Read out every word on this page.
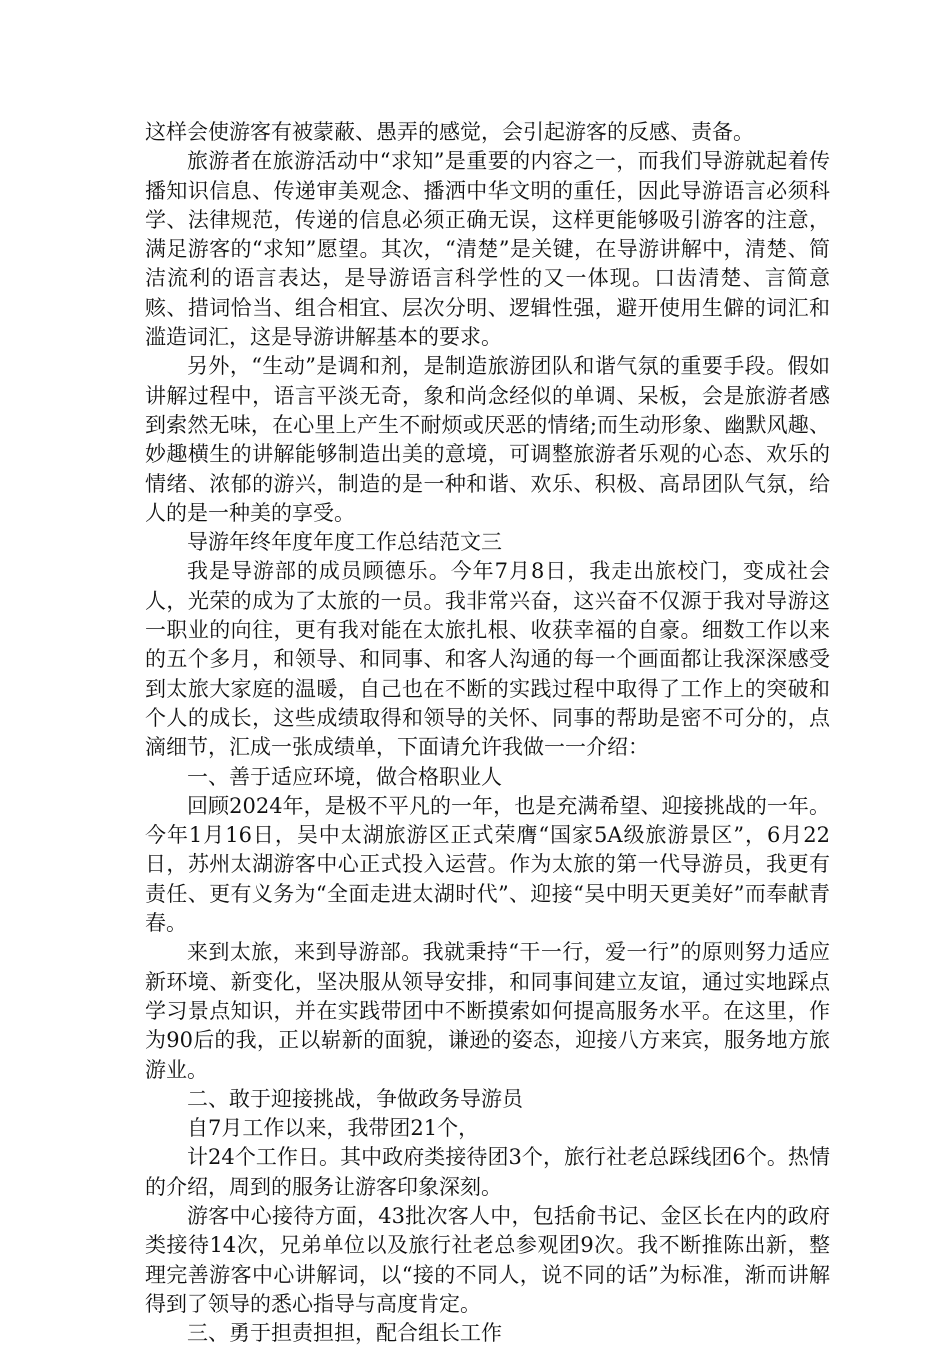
这样会使游客有被蒙蔽、愚弄的感觉，会引起游客的反感、责备。

旅游者在旅游活动中“求知”是重要的内容之一，而我们导游就起着传播知识信息、传递审美观念、播洒中华文明的重任，因此导游语言必须科学、法律规范，传递的信息必须正确无误，这样更能够吸引游客的注意，满足游客的“求知”愿望。其次，“清楚”是关键，在导游讲解中，清楚、简洁流利的语言表达，是导游语言科学性的又一体现。口齿清楚、言简意赅、措词恰当、组合相宜、层次分明、逻辑性强，避开使用生僻的词汇和滥造词汇，这是导游讲解基本的要求。

另外，“生动”是调和剂，是制造旅游团队和谐气氛的重要手段。假如讲解过程中，语言平淡无奇，象和尚念经似的单调、呆板，会是旅游者感到索然无味，在心里上产生不耐烦或厌恶的情绪;而生动形象、幽默风趣、妙趣横生的讲解能够制造出美的意境，可调整旅游者乐观的心态、欢乐的情绪、浓郁的游兴，制造的是一种和谐、欢乐、积极、高昂团队气氛，给人的是一种美的享受。

导游年终年度年度工作总结范文三

我是导游部的成员顾德乐。今年7月8日，我走出旅校门，变成社会人，光荣的成为了太旅的一员。我非常兴奋，这兴奋不仅源于我对导游这一职业的向往，更有我对能在太旅扎根、收获幸福的自豪。细数工作以来的五个多月，和领导、和同事、和客人沟通的每一个画面都让我深深感受到太旅大家庭的温暖，自己也在不断的实践过程中取得了工作上的突破和个人的成长，这些成绩取得和领导的关怀、同事的帮助是密不可分的，点滴细节，汇成一张成绩单，下面请允许我做一一介绍：

一、善于适应环境，做合格职业人

回顾2024年，是极不平凡的一年，也是充满希望、迎接挑战的一年。今年1月16日，吴中太湖旅游区正式荣膺“国家5A级旅游景区”，6月22日，苏州太湖游客中心正式投入运营。作为太旅的第一代导游员，我更有责任、更有义务为“全面走进太湖时代”、迎接“吴中明天更美好”而奉献青春。

来到太旅，来到导游部。我就秉持“干一行，爱一行”的原则努力适应新环境、新变化，坚决服从领导安排，和同事间建立友谊，通过实地踩点学习景点知识，并在实践带团中不断摸索如何提高服务水平。在这里，作为90后的我，正以崭新的面貌，谦逊的姿态，迎接八方来宾，服务地方旅游业。

二、敢于迎接挑战，争做政务导游员

自7月工作以来，我带团21个，

计24个工作日。其中政府类接待团3个，旅行社老总踩线团6个。热情的介绍，周到的服务让游客印象深刻。

游客中心接待方面，43批次客人中，包括俞书记、金区长在内的政府类接待14次，兄弟单位以及旅行社老总参观团9次。我不断推陈出新，整理完善游客中心讲解词，以“接的不同人，说不同的话”为标准，渐而讲解得到了领导的悉心指导与高度肯定。

三、勇于担责担担，配合组长工作
